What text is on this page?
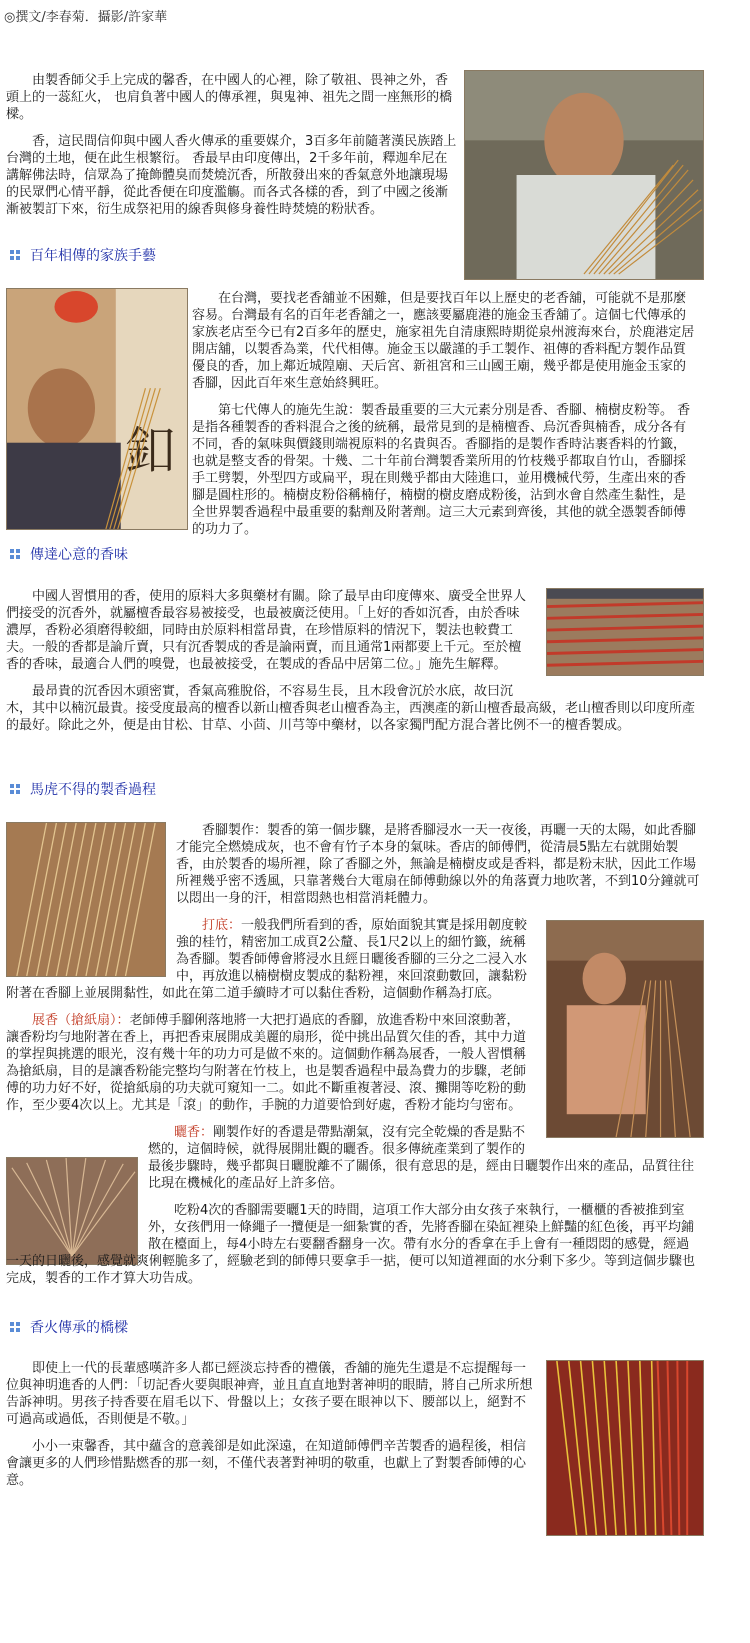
◎撰文/李春菊．攝影/許家華

由製香師父手上完成的馨香，在中國人的心裡，除了敬祖、畏神之外，香頭上的一蕊紅火， 也肩負著中國人的傳承裡，與鬼神、祖先之間一座無形的橋樑。

香，這民間信仰與中國人香火傳承的重要媒介，3百多年前隨著漢民族踏上台灣的土地，便在此生根繁衍。 香最早由印度傳出，2千多年前，釋迦牟尼在講解佛法時，信眾為了掩飾體臭而焚燒沉香，所散發出來的香氣意外地讓現場的民眾們心情平靜，從此香便在印度濫觴。而各式各樣的香，到了中國之後漸漸被製訂下來，衍生成祭祀用的線香與修身養性時焚燒的粉狀香。

百年相傳的家族手藝
釦

在台灣，要找老香舖並不困難，但是要找百年以上歷史的老香舖，可能就不是那麼容易。台灣最有名的百年老香舖之一，應該要屬鹿港的施金玉香舖了。這個七代傳承的家族老店至今已有2百多年的歷史，施家祖先自清康熙時期從泉州渡海來台，於鹿港定居開店舖，以製香為業，代代相傳。施金玉以嚴謹的手工製作、祖傳的香料配方製作品質優良的香，加上鄰近城隍廟、天后宮、新祖宮和三山國王廟，幾乎都是使用施金玉家的香腳，因此百年來生意始終興旺。

第七代傳人的施先生說：製香最重要的三大元素分別是香、香腳、楠樹皮粉等。 香是指各種製香的香料混合之後的統稱，最常見到的是楠檀香、烏沉香與楠香，成分各有不同，香的氣味與價錢則端視原料的名貴與否。香腳指的是製作香時沾裹香料的竹籤，也就是整支香的骨架。十幾、二十年前台灣製香業所用的竹枝幾乎都取自竹山，香腳採手工劈製，外型四方或扁平，現在則幾乎都由大陸進口，並用機械代勞，生產出來的香腳是圓柱形的。楠樹皮粉俗稱楠仔，楠樹的樹皮磨成粉後，沾到水會自然產生黏性，是全世界製香過程中最重要的黏劑及附著劑。這三大元素到齊後，其他的就全憑製香師傅的功力了。

傳達心意的香味

中國人習慣用的香，使用的原料大多與藥材有關。除了最早由印度傳來、廣受全世界人們接受的沉香外，就屬檀香最容易被接受，也最被廣泛使用。「上好的香如沉香，由於香味濃厚，香粉必須磨得較細，同時由於原料相當昂貴，在珍惜原料的情況下，製法也較費工夫。一般的香都是論斤賣，只有沉香製成的香是論兩賣，而且通常1兩都要上千元。至於檀香的香味，最適合人們的嗅覺，也最被接受，在製成的香品中居第二位。」施先生解釋。

最昂貴的沉香因木頭密實，香氣高雅脫俗，不容易生長，且木段會沉於水底，故曰沉木，其中以楠沉最貴。接受度最高的檀香以新山檀香與老山檀香為主，西澳產的新山檀香最高級，老山檀香則以印度所產的最好。除此之外，便是由甘松、甘草、小茴、川芎等中藥材，以各家獨門配方混合著比例不一的檀香製成。

馬虎不得的製香過程

香腳製作：製香的第一個步驟，是將香腳浸水一天一夜後，再曬一天的太陽，如此香腳才能完全燃燒成灰，也不會有竹子本身的氣味。香店的師傅們，從清晨5點左右就開始製香，由於製香的場所裡，除了香腳之外，無論是楠樹皮或是香料，都是粉末狀，因此工作場所裡幾乎密不透風，只靠著幾台大電扇在師傅動線以外的角落賣力地吹著，不到10分鐘就可以悶出一身的汗，相當悶熱也相當消耗體力。

打底：一般我們所看到的香，原始面貌其實是採用韌度較強的桂竹，精密加工成頁2公釐、長1尺2以上的細竹籤，統稱為香腳。製香師傅會將浸水且經日曬後香腳的三分之二浸入水中，再放進以楠樹樹皮製成的黏粉裡，來回滾動數回，讓黏粉附著在香腳上並展開黏性，如此在第二道手續時才可以黏住香粉，這個動作稱為打底。

展香（搶紙扇）：老師傅手腳俐落地將一大把打過底的香腳，放進香粉中來回滾動著，讓香粉均勻地附著在香上，再把香束展開成美麗的扇形，從中挑出品質欠佳的香，其中力道的掌捏與挑選的眼光，沒有幾十年的功力可是做不來的。這個動作稱為展香，一般人習慣稱為搶紙扇，目的是讓香粉能完整均勻附著在竹枝上，也是製香過程中最為費力的步驟，老師傅的功力好不好，從搶紙扇的功夫就可窺知一二。如此不斷重複著浸、滾、攤開等吃粉的動作，至少要4次以上。尤其是「滾」的動作，手腕的力道要恰到好處，香粉才能均勻密布。

曬香：剛製作好的香還是帶點潮氣，沒有完全乾燥的香是點不燃的，這個時候，就得展開壯觀的曬香。很多傳統產業到了製作的最後步驟時，幾乎都與日曬脫離不了關係，很有意思的是，經由日曬製作出來的產品，品質往往比現在機械化的產品好上許多倍。

吃粉4次的香腳需要曬1天的時間，這項工作大部分由女孩子來執行，一櫃櫃的香被推到室外，女孩們用一條繩子一攬便是一細紮實的香，先將香腳在染缸裡染上鮮豔的紅色後，再平均鋪散在檯面上，每4小時左右要翻香翻身一次。帶有水分的香拿在手上會有一種悶悶的感覺，經過一天的日曬後，感覺就爽俐輕脆多了，經驗老到的師傅只要拿手一掂，便可以知道裡面的水分剩下多少。等到這個步驟也完成，製香的工作才算大功告成。

香火傳承的橋樑

即使上一代的長輩感嘆許多人都已經淡忘持香的禮儀，香舖的施先生還是不忘提醒每一位與神明進香的人們：「切記香火要與眼神齊，並且直直地對著神明的眼睛，將自己所求所想告訴神明。男孩子持香要在眉毛以下、骨盤以上；女孩子要在眼神以下、腰部以上，絕對不可過高或過低，否則便是不敬。」

小小一束馨香，其中蘊含的意義卻是如此深遠，在知道師傅們辛苦製香的過程後，相信會讓更多的人們珍惜點燃香的那一刻，不僅代表著對神明的敬重，也獻上了對製香師傅的心意。
